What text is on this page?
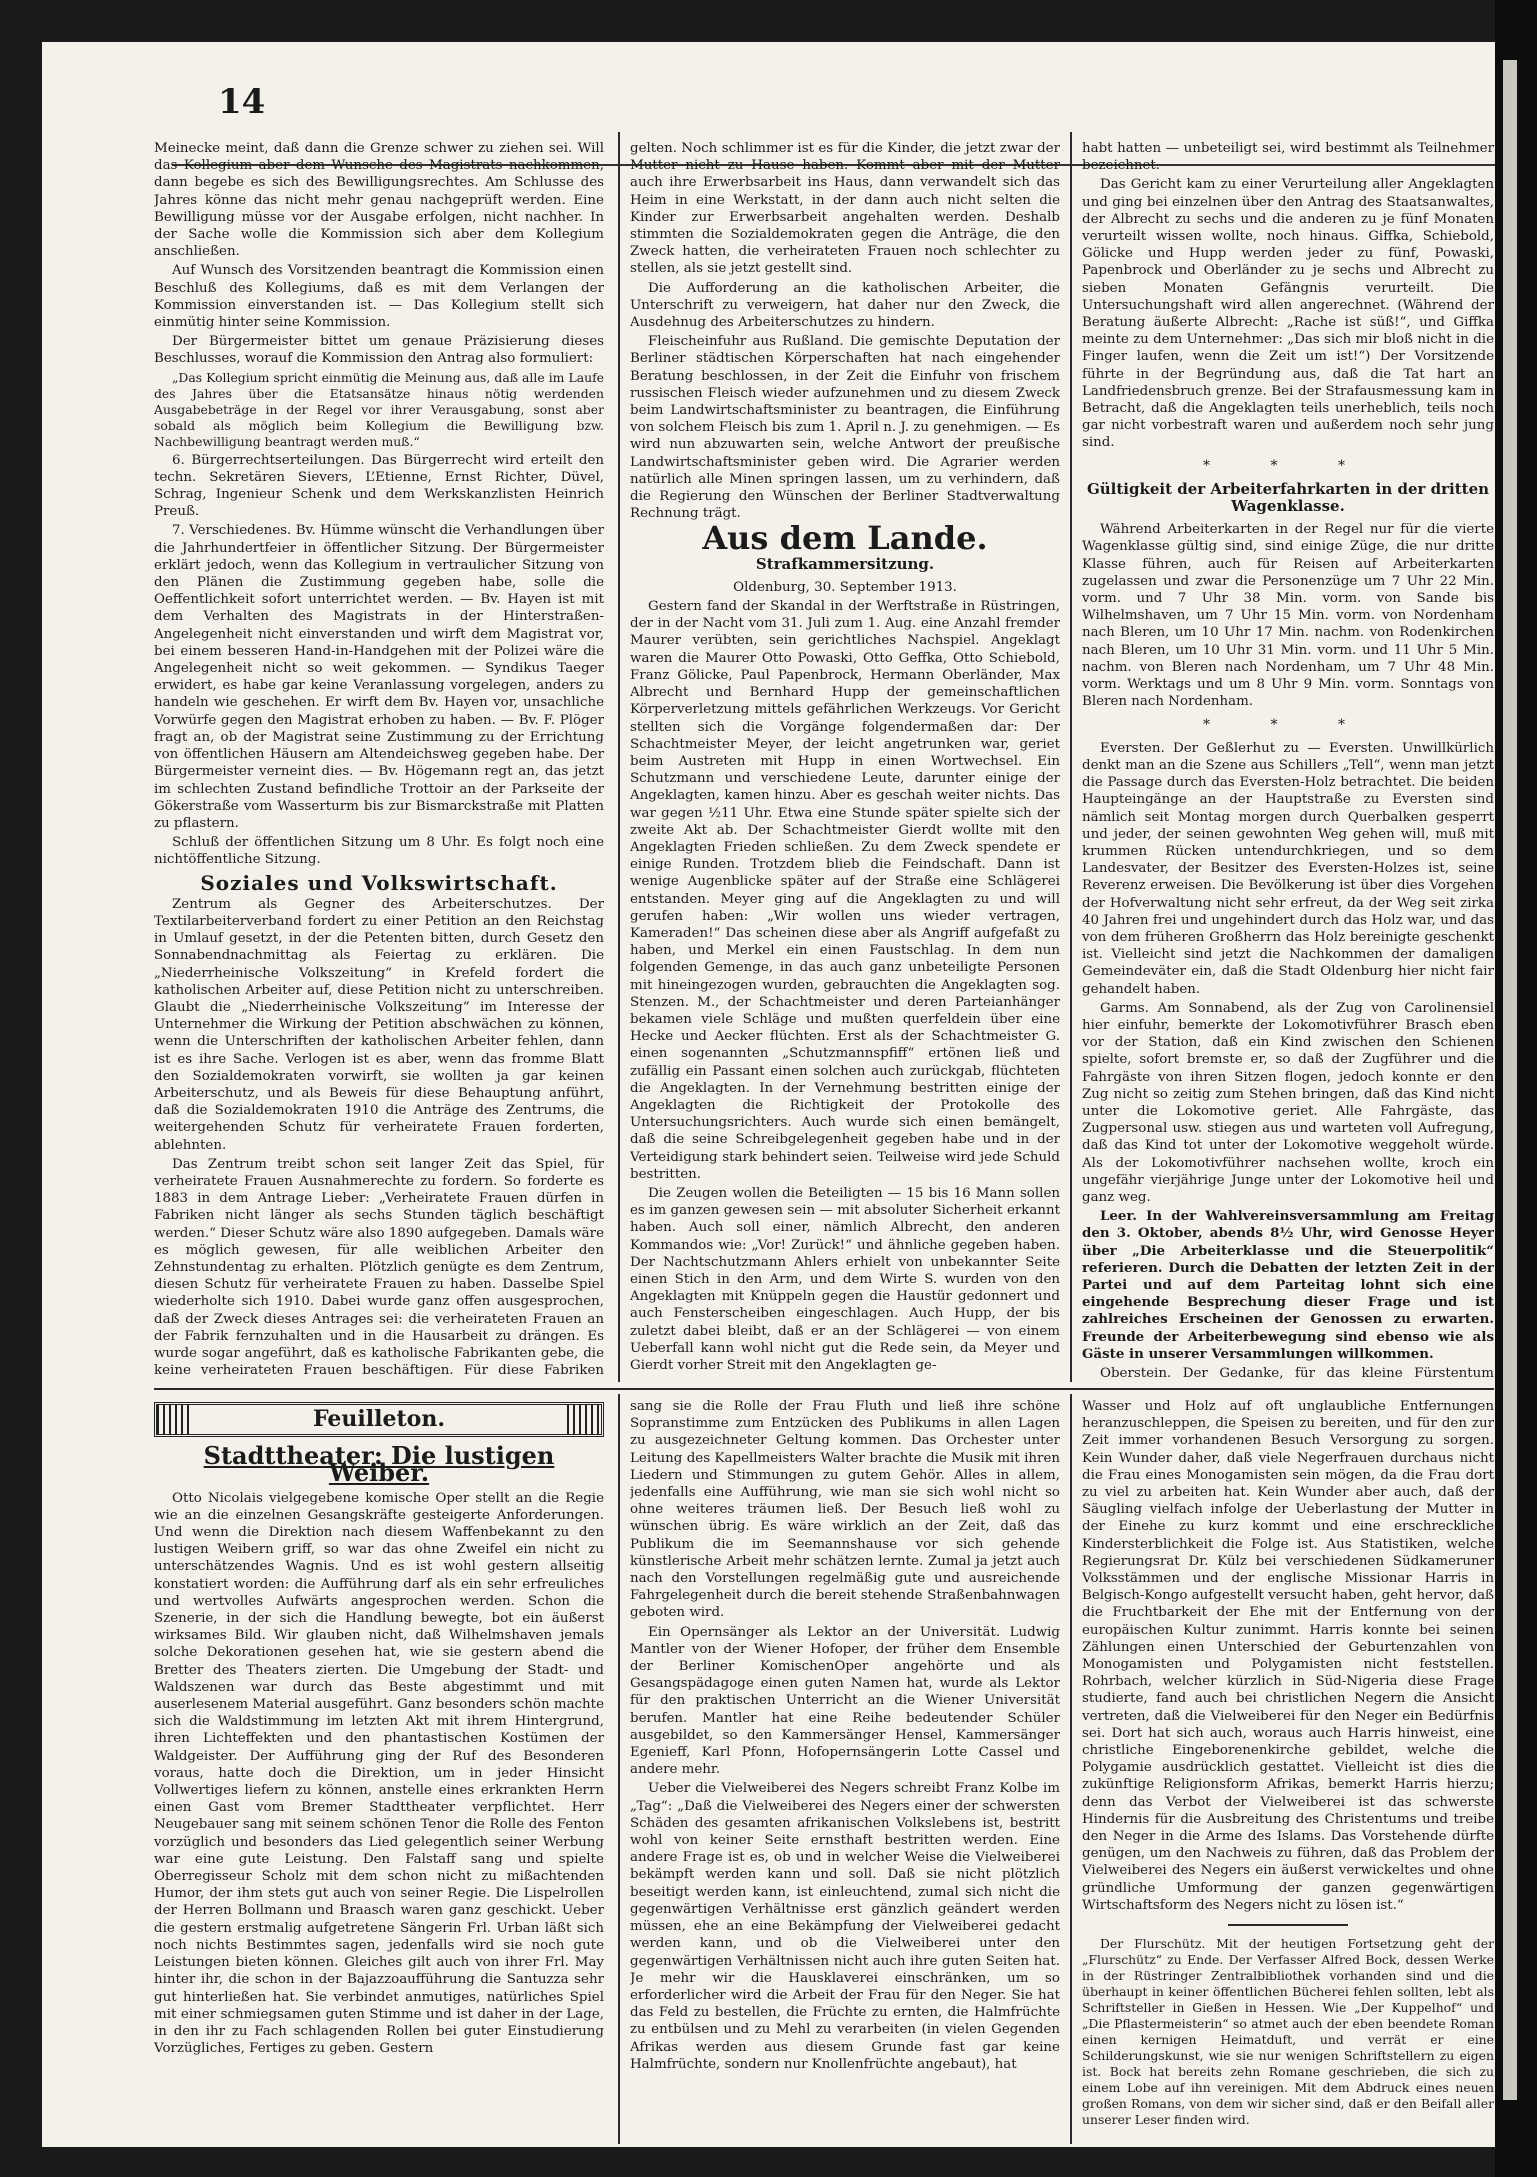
14

Meinecke meint, daß dann die Grenze schwer zu ziehen sei. Will das Kollegium aber dem Wunsche des Magistrats nachkommen, dann begebe es sich des Bewilligungsrechtes. Am Schlusse des Jahres könne das nicht mehr genau nachgeprüft werden. Eine Bewilligung müsse vor der Ausgabe erfolgen, nicht nachher. In der Sache wolle die Kommission sich aber dem Kollegium anschließen.

Auf Wunsch des Vorsitzenden beantragt die Kommission einen Beschluß des Kollegiums, daß es mit dem Verlangen der Kommission einverstanden ist. — Das Kollegium stellt sich einmütig hinter seine Kommission.

Der Bürgermeister bittet um genaue Präzisierung dieses Beschlusses, worauf die Kommission den Antrag also formuliert:

„Das Kollegium spricht einmütig die Meinung aus, daß alle im Laufe des Jahres über die Etatsansätze hinaus nötig werdenden Ausgabebeträge in der Regel vor ihrer Verausgabung, sonst aber sobald als möglich beim Kollegium die Bewilligung bzw. Nachbewilligung beantragt werden muß.“

6. Bürgerrechtserteilungen. Das Bürgerrecht wird erteilt den techn. Sekretären Sievers, L’Etienne, Ernst Richter, Düvel, Schrag, Ingenieur Schenk und dem Werkskanzlisten Heinrich Preuß.

7. Verschiedenes. Bv. Hümme wünscht die Verhandlungen über die Jahrhundertfeier in öffentlicher Sitzung. Der Bürgermeister erklärt jedoch, wenn das Kollegium in vertraulicher Sitzung von den Plänen die Zustimmung gegeben habe, solle die Oeffentlichkeit sofort unterrichtet werden. — Bv. Hayen ist mit dem Verhalten des Magistrats in der Hinterstraßen-Angelegenheit nicht einverstanden und wirft dem Magistrat vor, bei einem besseren Hand-in-Handgehen mit der Polizei wäre die Angelegenheit nicht so weit gekommen. — Syndikus Taeger erwidert, es habe gar keine Veranlassung vorgelegen, anders zu handeln wie geschehen. Er wirft dem Bv. Hayen vor, unsachliche Vorwürfe gegen den Magistrat erhoben zu haben. — Bv. F. Plöger fragt an, ob der Magistrat seine Zustimmung zu der Errichtung von öffentlichen Häusern am Altendeichsweg gegeben habe. Der Bürgermeister verneint dies. — Bv. Högemann regt an, das jetzt im schlechten Zustand befindliche Trottoir an der Parkseite der Gökerstraße vom Wasserturm bis zur Bismarckstraße mit Platten zu pflastern.

Schluß der öffentlichen Sitzung um 8 Uhr. Es folgt noch eine nichtöffentliche Sitzung.

Soziales und Volkswirtschaft.

Zentrum als Gegner des Arbeiterschutzes. Der Textilarbeiterverband fordert zu einer Petition an den Reichstag in Umlauf gesetzt, in der die Petenten bitten, durch Gesetz den Sonnabendnachmittag als Feiertag zu erklären. Die „Niederrheinische Volkszeitung“ in Krefeld fordert die katholischen Arbeiter auf, diese Petition nicht zu unterschreiben. Glaubt die „Niederrheinische Volkszeitung“ im Interesse der Unternehmer die Wirkung der Petition abschwächen zu können, wenn die Unterschriften der katholischen Arbeiter fehlen, dann ist es ihre Sache. Verlogen ist es aber, wenn das fromme Blatt den Sozialdemokraten vorwirft, sie wollten ja gar keinen Arbeiterschutz, und als Beweis für diese Behauptung anführt, daß die Sozialdemokraten 1910 die Anträge des Zentrums, die weitergehenden Schutz für verheiratete Frauen forderten, ablehnten.

Das Zentrum treibt schon seit langer Zeit das Spiel, für verheiratete Frauen Ausnahmerechte zu fordern. So forderte es 1883 in dem Antrage Lieber: „Verheiratete Frauen dürfen in Fabriken nicht länger als sechs Stunden täglich beschäftigt werden.“ Dieser Schutz wäre also 1890 aufgegeben. Damals wäre es möglich gewesen, für alle weiblichen Arbeiter den Zehnstundentag zu erhalten. Plötzlich genügte es dem Zentrum, diesen Schutz für verheiratete Frauen zu haben. Dasselbe Spiel wiederholte sich 1910. Dabei wurde ganz offen ausgesprochen, daß der Zweck dieses Antrages sei: die verheirateten Frauen an der Fabrik fernzuhalten und in die Hausarbeit zu drängen. Es wurde sogar angeführt, daß es katholische Fabrikanten gebe, die keine verheirateten Frauen beschäftigen. Für diese Fabriken

gelten. Noch schlimmer ist es für die Kinder, die jetzt zwar der Mutter nicht zu Hause haben. Kommt aber mit der Mutter auch ihre Erwerbsarbeit ins Haus, dann verwandelt sich das Heim in eine Werkstatt, in der dann auch nicht selten die Kinder zur Erwerbsarbeit angehalten werden. Deshalb stimmten die Sozialdemokraten gegen die Anträge, die den Zweck hatten, die verheirateten Frauen noch schlechter zu stellen, als sie jetzt gestellt sind.

Die Aufforderung an die katholischen Arbeiter, die Unterschrift zu verweigern, hat daher nur den Zweck, die Ausdehnug des Arbeiterschutzes zu hindern.

Fleischeinfuhr aus Rußland. Die gemischte Deputation der Berliner städtischen Körperschaften hat nach eingehender Beratung beschlossen, in der Zeit die Einfuhr von frischem russischen Fleisch wieder aufzunehmen und zu diesem Zweck beim Landwirtschaftsminister zu beantragen, die Einführung von solchem Fleisch bis zum 1. April n. J. zu genehmigen. — Es wird nun abzuwarten sein, welche Antwort der preußische Landwirtschaftsminister geben wird. Die Agrarier werden natürlich alle Minen springen lassen, um zu verhindern, daß die Regierung den Wünschen der Berliner Stadtverwaltung Rechnung trägt.

Aus dem Lande.
Strafkammersitzung.

Oldenburg, 30. September 1913.

Gestern fand der Skandal in der Werftstraße in Rüstringen, der in der Nacht vom 31. Juli zum 1. Aug. eine Anzahl fremder Maurer verübten, sein gerichtliches Nachspiel. Angeklagt waren die Maurer Otto Powaski, Otto Geffka, Otto Schiebold, Franz Gölicke, Paul Papenbrock, Hermann Oberländer, Max Albrecht und Bernhard Hupp der gemeinschaftlichen Körperverletzung mittels gefährlichen Werkzeugs. Vor Gericht stellten sich die Vorgänge folgendermaßen dar: Der Schachtmeister Meyer, der leicht angetrunken war, geriet beim Austreten mit Hupp in einen Wortwechsel. Ein Schutzmann und verschiedene Leute, darunter einige der Angeklagten, kamen hinzu. Aber es geschah weiter nichts. Das war gegen ½11 Uhr. Etwa eine Stunde später spielte sich der zweite Akt ab. Der Schachtmeister Gierdt wollte mit den Angeklagten Frieden schließen. Zu dem Zweck spendete er einige Runden. Trotzdem blieb die Feindschaft. Dann ist wenige Augenblicke später auf der Straße eine Schlägerei entstanden. Meyer ging auf die Angeklagten zu und will gerufen haben: „Wir wollen uns wieder vertragen, Kameraden!“ Das scheinen diese aber als Angriff aufgefaßt zu haben, und Merkel ein einen Faustschlag. In dem nun folgenden Gemenge, in das auch ganz unbeteiligte Personen mit hineingezogen wurden, gebrauchten die Angeklagten sog. Stenzen. M., der Schachtmeister und deren Parteianhänger bekamen viele Schläge und mußten querfeldein über eine Hecke und Aecker flüchten. Erst als der Schachtmeister G. einen sogenannten „Schutzmannspfiff“ ertönen ließ und zufällig ein Passant einen solchen auch zurückgab, flüchteten die Angeklagten. In der Vernehmung bestritten einige der Angeklagten die Richtigkeit der Protokolle des Untersuchungsrichters. Auch wurde sich einen bemängelt, daß die seine Schreibgelegenheit gegeben habe und in der Verteidigung stark behindert seien. Teilweise wird jede Schuld bestritten.

Die Zeugen wollen die Beteiligten — 15 bis 16 Mann sollen es im ganzen gewesen sein — mit absoluter Sicherheit erkannt haben. Auch soll einer, nämlich Albrecht, den anderen Kommandos wie: „Vor! Zurück!“ und ähnliche gegeben haben. Der Nachtschutzmann Ahlers erhielt von unbekannter Seite einen Stich in den Arm, und dem Wirte S. wurden von den Angeklagten mit Knüppeln gegen die Haustür gedonnert und auch Fensterscheiben eingeschlagen. Auch Hupp, der bis zuletzt dabei bleibt, daß er an der Schlägerei — von einem Ueberfall kann wohl nicht gut die Rede sein, da Meyer und Gierdt vorher Streit mit den Angeklagten ge-

habt hatten — unbeteiligt sei, wird bestimmt als Teilnehmer bezeichnet.

Das Gericht kam zu einer Verurteilung aller Angeklagten und ging bei einzelnen über den Antrag des Staatsanwaltes, der Albrecht zu sechs und die anderen zu je fünf Monaten verurteilt wissen wollte, noch hinaus. Giffka, Schiebold, Gölicke und Hupp werden jeder zu fünf, Powaski, Papenbrock und Oberländer zu je sechs und Albrecht zu sieben Monaten Gefängnis verurteilt. Die Untersuchungshaft wird allen angerechnet. (Während der Beratung äußerte Albrecht: „Rache ist süß!“, und Giffka meinte zu dem Unternehmer: „Das sich mir bloß nicht in die Finger laufen, wenn die Zeit um ist!“) Der Vorsitzende führte in der Begründung aus, daß die Tat hart an Landfriedensbruch grenze. Bei der Strafausmessung kam in Betracht, daß die Angeklagten teils unerheblich, teils noch gar nicht vorbestraft waren und außerdem noch sehr jung sind.

* * *
Gültigkeit der Arbeiterfahrkarten in der dritten Wagenklasse.

Während Arbeiterkarten in der Regel nur für die vierte Wagenklasse gültig sind, sind einige Züge, die nur dritte Klasse führen, auch für Reisen auf Arbeiterkarten zugelassen und zwar die Personenzüge um 7 Uhr 22 Min. vorm. und 7 Uhr 38 Min. vorm. von Sande bis Wilhelmshaven, um 7 Uhr 15 Min. vorm. von Nordenham nach Bleren, um 10 Uhr 17 Min. nachm. von Rodenkirchen nach Bleren, um 10 Uhr 31 Min. vorm. und 11 Uhr 5 Min. nachm. von Bleren nach Nordenham, um 7 Uhr 48 Min. vorm. Werktags und um 8 Uhr 9 Min. vorm. Sonntags von Bleren nach Nordenham.

* * *

Eversten. Der Geßlerhut zu — Eversten. Unwillkürlich denkt man an die Szene aus Schillers „Tell“, wenn man jetzt die Passage durch das Eversten-Holz betrachtet. Die beiden Haupteingänge an der Hauptstraße zu Eversten sind nämlich seit Montag morgen durch Querbalken gesperrt und jeder, der seinen gewohnten Weg gehen will, muß mit krummen Rücken untendurchkriegen, und so dem Landesvater, der Besitzer des Eversten-Holzes ist, seine Reverenz erweisen. Die Bevölkerung ist über dies Vorgehen der Hofverwaltung nicht sehr erfreut, da der Weg seit zirka 40 Jahren frei und ungehindert durch das Holz war, und das von dem früheren Großherrn das Holz bereinigte geschenkt ist. Vielleicht sind jetzt die Nachkommen der damaligen Gemeindeväter ein, daß die Stadt Oldenburg hier nicht fair gehandelt haben.

Garms. Am Sonnabend, als der Zug von Carolinensiel hier einfuhr, bemerkte der Lokomotivführer Brasch eben vor der Station, daß ein Kind zwischen den Schienen spielte, sofort bremste er, so daß der Zugführer und die Fahrgäste von ihren Sitzen flogen, jedoch konnte er den Zug nicht so zeitig zum Stehen bringen, daß das Kind nicht unter die Lokomotive geriet. Alle Fahrgäste, das Zugpersonal usw. stiegen aus und warteten voll Aufregung, daß das Kind tot unter der Lokomotive weggeholt würde. Als der Lokomotivführer nachsehen wollte, kroch ein ungefähr vierjährige Junge unter der Lokomotive heil und ganz weg.

Leer. In der Wahlvereinsversammlung am Freitag den 3. Oktober, abends 8½ Uhr, wird Genosse Heyer über „Die Arbeiterklasse und die Steuerpolitik“ referieren. Durch die Debatten der letzten Zeit in der Partei und auf dem Parteitag lohnt sich eine eingehende Besprechung dieser Frage und ist zahlreiches Erscheinen der Genossen zu erwarten. Freunde der Arbeiterbewegung sind ebenso wie als Gäste in unserer Versammlungen willkommen.

Oberstein. Der Gedanke, für das kleine Fürstentum

Feuilleton.
Stadttheater: Die lustigen Weiber.

Otto Nicolais vielgegebene komische Oper stellt an die Regie wie an die einzelnen Gesangskräfte gesteigerte Anforderungen. Und wenn die Direktion nach diesem Waffenbekannt zu den lustigen Weibern griff, so war das ohne Zweifel ein nicht zu unterschätzendes Wagnis. Und es ist wohl gestern allseitig konstatiert worden: die Aufführung darf als ein sehr erfreuliches und wertvolles Aufwärts angesprochen werden. Schon die Szenerie, in der sich die Handlung bewegte, bot ein äußerst wirksames Bild. Wir glauben nicht, daß Wilhelmshaven jemals solche Dekorationen gesehen hat, wie sie gestern abend die Bretter des Theaters zierten. Die Umgebung der Stadt- und Waldszenen war durch das Beste abgestimmt und mit auserlesenem Material ausgeführt. Ganz besonders schön machte sich die Waldstimmung im letzten Akt mit ihrem Hintergrund, ihren Lichteffekten und den phantastischen Kostümen der Waldgeister. Der Aufführung ging der Ruf des Besonderen voraus, hatte doch die Direktion, um in jeder Hinsicht Vollwertiges liefern zu können, anstelle eines erkrankten Herrn einen Gast vom Bremer Stadttheater verpflichtet. Herr Neugebauer sang mit seinem schönen Tenor die Rolle des Fenton vorzüglich und besonders das Lied gelegentlich seiner Werbung war eine gute Leistung. Den Falstaff sang und spielte Oberregisseur Scholz mit dem schon nicht zu mißachtenden Humor, der ihm stets gut auch von seiner Regie. Die Lispelrollen der Herren Bollmann und Braasch waren ganz geschickt. Ueber die gestern erstmalig aufgetretene Sängerin Frl. Urban läßt sich noch nichts Bestimmtes sagen, jedenfalls wird sie noch gute Leistungen bieten können. Gleiches gilt auch von ihrer Frl. May hinter ihr, die schon in der Bajazzoaufführung die Santuzza sehr gut hinterließen hat. Sie verbindet anmutiges, natürliches Spiel mit einer schmiegsamen guten Stimme und ist daher in der Lage, in den ihr zu Fach schlagenden Rollen bei guter Einstudierung Vorzügliches, Fertiges zu geben. Gestern

sang sie die Rolle der Frau Fluth und ließ ihre schöne Sopranstimme zum Entzücken des Publikums in allen Lagen zu ausgezeichneter Geltung kommen. Das Orchester unter Leitung des Kapellmeisters Walter brachte die Musik mit ihren Liedern und Stimmungen zu gutem Gehör. Alles in allem, jedenfalls eine Aufführung, wie man sie sich wohl nicht so ohne weiteres träumen ließ. Der Besuch ließ wohl zu wünschen übrig. Es wäre wirklich an der Zeit, daß das Publikum die im Seemannshause vor sich gehende künstlerische Arbeit mehr schätzen lernte. Zumal ja jetzt auch nach den Vorstellungen regelmäßig gute und ausreichende Fahrgelegenheit durch die bereit stehende Straßenbahnwagen geboten wird.

Ein Opernsänger als Lektor an der Universität. Ludwig Mantler von der Wiener Hofoper, der früher dem Ensemble der Berliner KomischenOper angehörte und als Gesangspädagoge einen guten Namen hat, wurde als Lektor für den praktischen Unterricht an die Wiener Universität berufen. Mantler hat eine Reihe bedeutender Schüler ausgebildet, so den Kammersänger Hensel, Kammersänger Egenieff, Karl Pfonn, Hofopernsängerin Lotte Cassel und andere mehr.

Ueber die Vielweiberei des Negers schreibt Franz Kolbe im „Tag“: „Daß die Vielweiberei des Negers einer der schwersten Schäden des gesamten afrikanischen Volkslebens ist, bestritt wohl von keiner Seite ernsthaft bestritten werden. Eine andere Frage ist es, ob und in welcher Weise die Vielweiberei bekämpft werden kann und soll. Daß sie nicht plötzlich beseitigt werden kann, ist einleuchtend, zumal sich nicht die gegenwärtigen Verhältnisse erst gänzlich geändert werden müssen, ehe an eine Bekämpfung der Vielweiberei gedacht werden kann, und ob die Vielweiberei unter den gegenwärtigen Verhältnissen nicht auch ihre guten Seiten hat. Je mehr wir die Hausklaverei einschränken, um so erforderlicher wird die Arbeit der Frau für den Neger. Sie hat das Feld zu bestellen, die Früchte zu ernten, die Halmfrüchte zu entbülsen und zu Mehl zu verarbeiten (in vielen Gegenden Afrikas werden aus diesem Grunde fast gar keine Halmfrüchte, sondern nur Knollenfrüchte angebaut), hat

Wasser und Holz auf oft unglaubliche Entfernungen heranzuschleppen, die Speisen zu bereiten, und für den zur Zeit immer vorhandenen Besuch Versorgung zu sorgen. Kein Wunder daher, daß viele Negerfrauen durchaus nicht die Frau eines Monogamisten sein mögen, da die Frau dort zu viel zu arbeiten hat. Kein Wunder aber auch, daß der Säugling vielfach infolge der Ueberlastung der Mutter in der Einehe zu kurz kommt und eine erschreckliche Kindersterblichkeit die Folge ist. Aus Statistiken, welche Regierungsrat Dr. Külz bei verschiedenen Südkameruner Volksstämmen und der englische Missionar Harris in Belgisch-Kongo aufgestellt versucht haben, geht hervor, daß die Fruchtbarkeit der Ehe mit der Entfernung von der europäischen Kultur zunimmt. Harris konnte bei seinen Zählungen einen Unterschied der Geburtenzahlen von Monogamisten und Polygamisten nicht feststellen. Rohrbach, welcher kürzlich in Süd-Nigeria diese Frage studierte, fand auch bei christlichen Negern die Ansicht vertreten, daß die Vielweiberei für den Neger ein Bedürfnis sei. Dort hat sich auch, woraus auch Harris hinweist, eine christliche Eingeborenenkirche gebildet, welche die Polygamie ausdrücklich gestattet. Vielleicht ist dies die zukünftige Religionsform Afrikas, bemerkt Harris hierzu; denn das Verbot der Vielweiberei ist das schwerste Hindernis für die Ausbreitung des Christentums und treibe den Neger in die Arme des Islams. Das Vorstehende dürfte genügen, um den Nachweis zu führen, daß das Problem der Vielweiberei des Negers ein äußerst verwickeltes und ohne gründliche Umformung der ganzen gegenwärtigen Wirtschaftsform des Negers nicht zu lösen ist.“

Der Flurschütz. Mit der heutigen Fortsetzung geht der „Flurschütz“ zu Ende. Der Verfasser Alfred Bock, dessen Werke in der Rüstringer Zentralbibliothek vorhanden sind und die überhaupt in keiner öffentlichen Bücherei fehlen sollten, lebt als Schriftsteller in Gießen in Hessen. Wie „Der Kuppelhof“ und „Die Pflastermeisterin“ so atmet auch der eben beendete Roman einen kernigen Heimatduft, und verrät er eine Schilderungskunst, wie sie nur wenigen Schriftstellern zu eigen ist. Bock hat bereits zehn Romane geschrieben, die sich zu einem Lobe auf ihn vereinigen. Mit dem Abdruck eines neuen großen Romans, von dem wir sicher sind, daß er den Beifall aller unserer Leser finden wird.
